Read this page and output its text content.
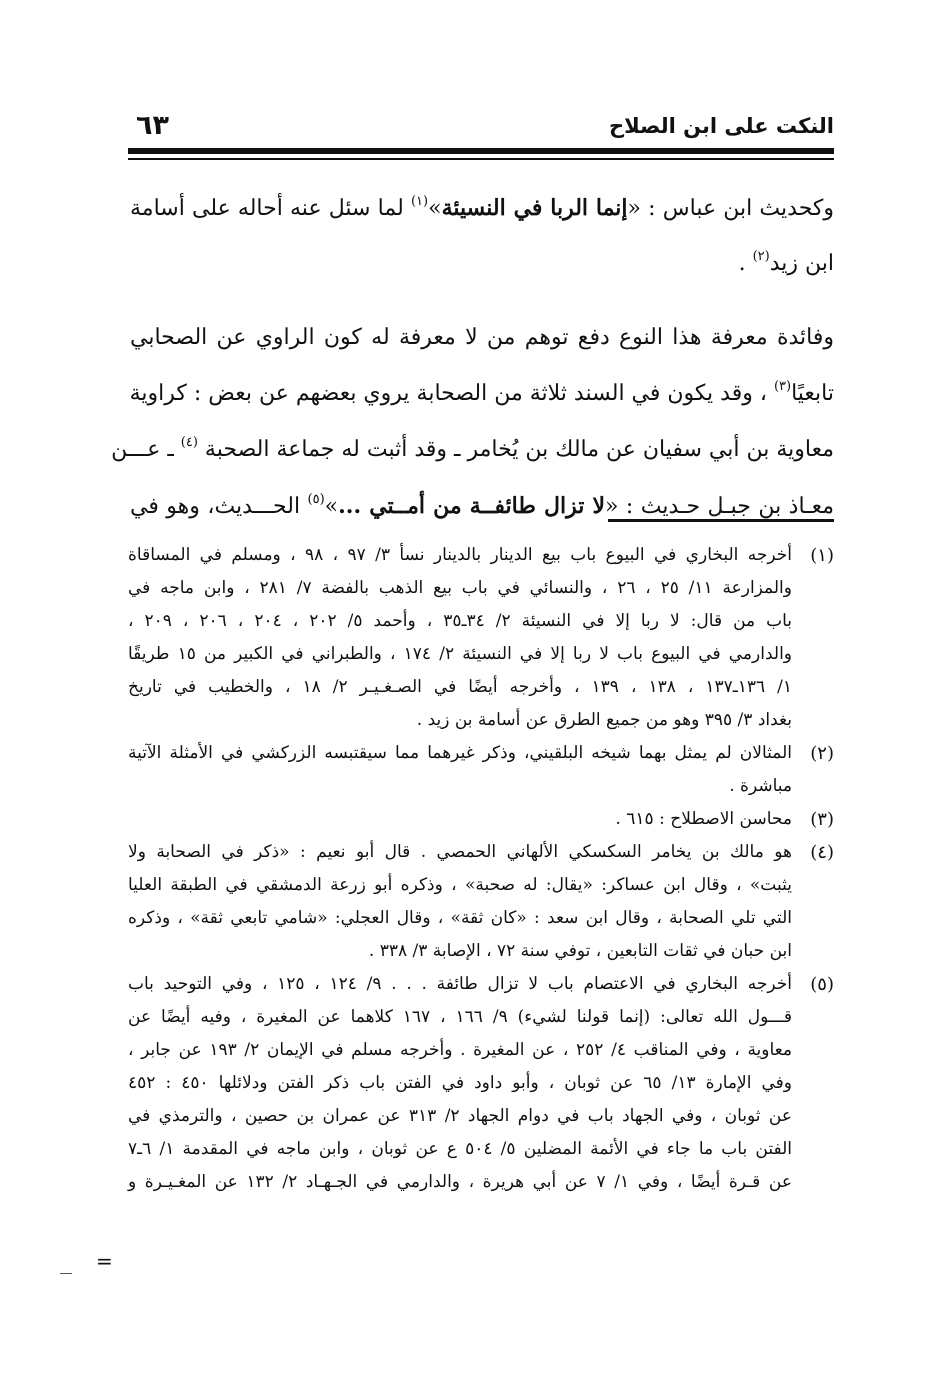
النكت على ابن الصلاح
٦٣
وكحديث ابن عباس : «إنما الربا في النسيئة»$^{(١)}$ لما سئل عنه أحاله على أسامة
ابن زيد$^{(٢)}$ .
وفائدة معرفة هذا النوع دفع توهم من لا معرفة له كون الراوي عن الصحابي
تابعيًا$^{(٣)}$ ، وقد يكون في السند ثلاثة من الصحابة يروي بعضهم عن بعض : كراوية
معاوية بن أبي سفيان عن مالك بن يُخامر ـ وقد أثبت له جماعة الصحبة $^{(٤)}$ ـ عـــن
معـاذ بن جبـل حـديث : «لا تزال طائفــة من أمــتي ...»$^{(٥)}$ الحـــديث، وهو في
(١)
أخرجه البخاري في البيوع باب بيع الدينار بالدينار نسأ ٣/ ٩٧ ، ٩٨ ، ومسلم في المساقاة
والمزارعة ١١/ ٢٥ ، ٢٦ ، والنسائي في باب بيع الذهب بالفضة ٧/ ٢٨١ ، وابن ماجه في
باب من قال: لا ربا إلا في النسيئة ٢/ ٣٤ـ٣٥ ، وأحمد ٥/ ٢٠٢ ، ٢٠٤ ، ٢٠٦ ، ٢٠٩ ،
والدارمي في البيوع باب لا ربا إلا في النسيئة ٢/ ١٧٤ ، والطبراني في الكبير من ١٥ طريقًا
١/ ١٣٦ـ١٣٧ ، ١٣٨ ، ١٣٩ ، وأخرجه أيضًا في الصـغـيـر ٢/ ١٨ ، والخطيب في تاريخ
بغداد ٣/ ٣٩٥ وهو من جميع الطرق عن أسامة بن زيد .
(٢)
المثالان لم يمثل بهما شيخه البلقيني، وذكر غيرهما مما سيقتبسه الزركشي في الأمثلة الآتية
مباشرة .
(٣)
محاسن الاصطلاح : ٦١٥ .
(٤)
هو مالك بن يخامر السكسكي الألهاني الحمصي . قال أبو نعيم : «ذكر في الصحابة ولا
يثبت» ، وقال ابن عساكر: «يقال: له صحبة» ، وذكره أبو زرعة الدمشقي في الطبقة العليا
التي تلي الصحابة ، وقال ابن سعد : «كان ثقة» ، وقال العجلي: «شامي تابعي ثقة» ، وذكره
ابن حبان في ثقات التابعين ، توفي سنة ٧٢ ، الإصابة ٣/ ٣٣٨ .
(٥)
أخرجه البخاري في الاعتصام باب لا تزال طائفة . . . ٩/ ١٢٤ ، ١٢٥ ، وفي التوحيد باب
قـــول الله تعالى: (إنما قولنا لشيء) ٩/ ١٦٦ ، ١٦٧ كلاهما عن المغيرة ، وفيه أيضًا عن
معاوية ، وفي المناقب ٤/ ٢٥٢ ، عن المغيرة . وأخرجه مسلم في الإيمان ٢/ ١٩٣ عن جابر ،
وفي الإمارة ١٣/ ٦٥ عن ثوبان ، وأبو داود في الفتن باب ذكر الفتن ودلائلها ٤٥٠ : ٤٥٢
عن ثوبان ، وفي الجهاد باب في دوام الجهاد ٢/ ٣١٣ عن عمران بن حصين ، والترمذي في
الفتن باب ما جاء في الأئمة المضلين ٥/ ٥٠٤ ع عن ثوبان ، وابن ماجه في المقدمة ١/ ٦ـ٧
عن قـرة أيضًا ، وفي ١/ ٧ عن أبي هريرة ، والدارمي في الجـهـاد ٢/ ١٣٢ عن المغـيـرة و
=
